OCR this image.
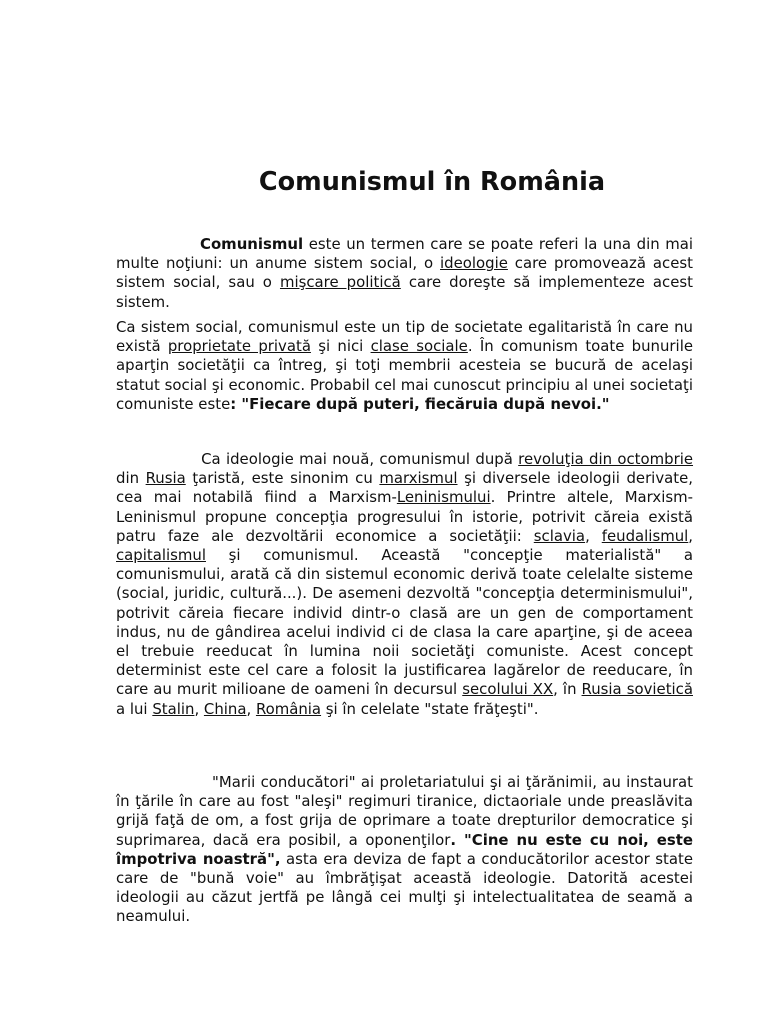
Comunismul în România

Comunismul este un termen care se poate referi la una din mai multe noţiuni: un anume sistem social, o ideologie care promovează acest sistem social, sau o mişcare politică care doreşte să implementeze acest sistem.

Ca sistem social, comunismul este un tip de societate egalitaristă în care nu există proprietate privată şi nici clase sociale. În comunism toate bunurile aparţin societăţii ca întreg, şi toţi membrii acesteia se bucură de acelaşi statut social şi economic. Probabil cel mai cunoscut principiu al unei societaţi comuniste este: "Fiecare după puteri, fiecăruia după nevoi."

Ca ideologie mai nouă, comunismul după revoluţia din octombrie din Rusia ţaristă, este sinonim cu marxismul şi diversele ideologii derivate, cea mai notabilă fiind a Marxism-Leninismului. Printre altele, Marxism-Leninismul propune concepţia progresului în istorie, potrivit căreia există patru faze ale dezvoltării economice a societăţii: sclavia, feudalismul, capitalismul şi comunismul. Această "concepţie materialistă" a comunismului, arată că din sistemul economic derivă toate celelalte sisteme (social, juridic, cultură...). De asemeni dezvoltă "concepţia determinismului", potrivit căreia fiecare individ dintr-o clasă are un gen de comportament indus, nu de gândirea acelui individ ci de clasa la care aparţine, şi de aceea el trebuie reeducat în lumina noii societăţi comuniste. Acest concept determinist este cel care a folosit la justificarea lagărelor de reeducare, în care au murit milioane de oameni în decursul secolului XX, în Rusia sovietică a lui Stalin, China, România şi în celelate "state frăţeşti".

"Marii conducători" ai proletariatului şi ai ţărănimii, au instaurat în ţările în care au fost "aleşi" regimuri tiranice, dictaoriale unde preaslăvita grijă faţă de om, a fost grija de oprimare a toate drepturilor democratice şi suprimarea, dacă era posibil, a oponenţilor. "Cine nu este cu noi, este împotriva noastră", asta era deviza de fapt a conducătorilor acestor state care de "bună voie" au îmbrăţişat această ideologie. Datorită acestei ideologii au căzut jertfă pe lângă cei mulţi şi intelectualitatea de seamă a neamului.
